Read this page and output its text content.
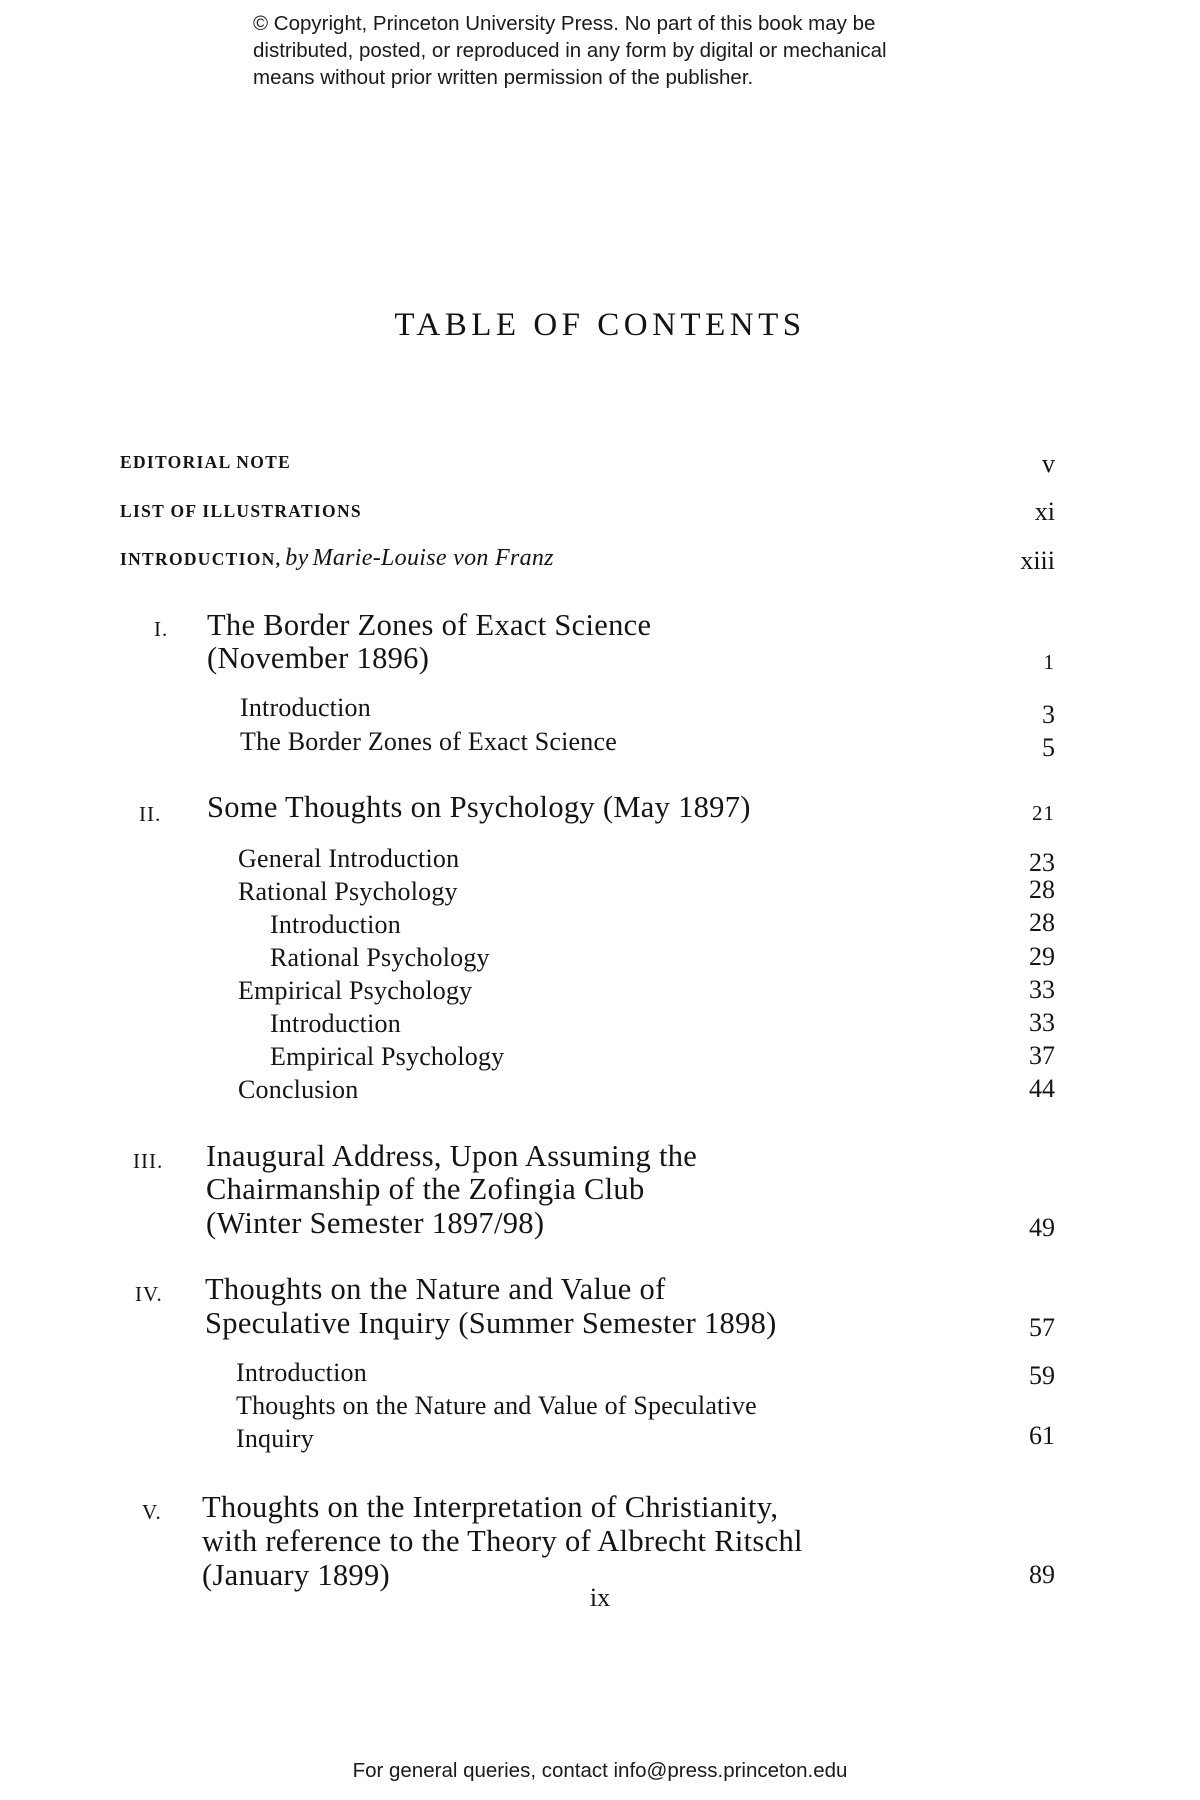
© Copyright, Princeton University Press. No part of this book may be
distributed, posted, or reproduced in any form by digital or mechanical
means without prior written permission of the publisher.
TABLE OF CONTENTS
EDITORIAL NOTE	v
LIST OF ILLUSTRATIONS	xi
INTRODUCTION, by Marie-Louise von Franz	xiii
I. The Border Zones of Exact Science
(November 1896)	1
Introduction	3
The Border Zones of Exact Science	5
II. Some Thoughts on Psychology (May 1897)	21
General Introduction	23
Rational Psychology	28
Introduction	28
Rational Psychology	29
Empirical Psychology	33
Introduction	33
Empirical Psychology	37
Conclusion	44
III. Inaugural Address, Upon Assuming the
Chairmanship of the Zofingia Club
(Winter Semester 1897/98)	49
IV. Thoughts on the Nature and Value of
Speculative Inquiry (Summer Semester 1898)	57
Introduction	59
Thoughts on the Nature and Value of Speculative
Inquiry	61
V. Thoughts on the Interpretation of Christianity,
with reference to the Theory of Albrecht Ritschl
(January 1899)	89
ix
For general queries, contact info@press.princeton.edu
